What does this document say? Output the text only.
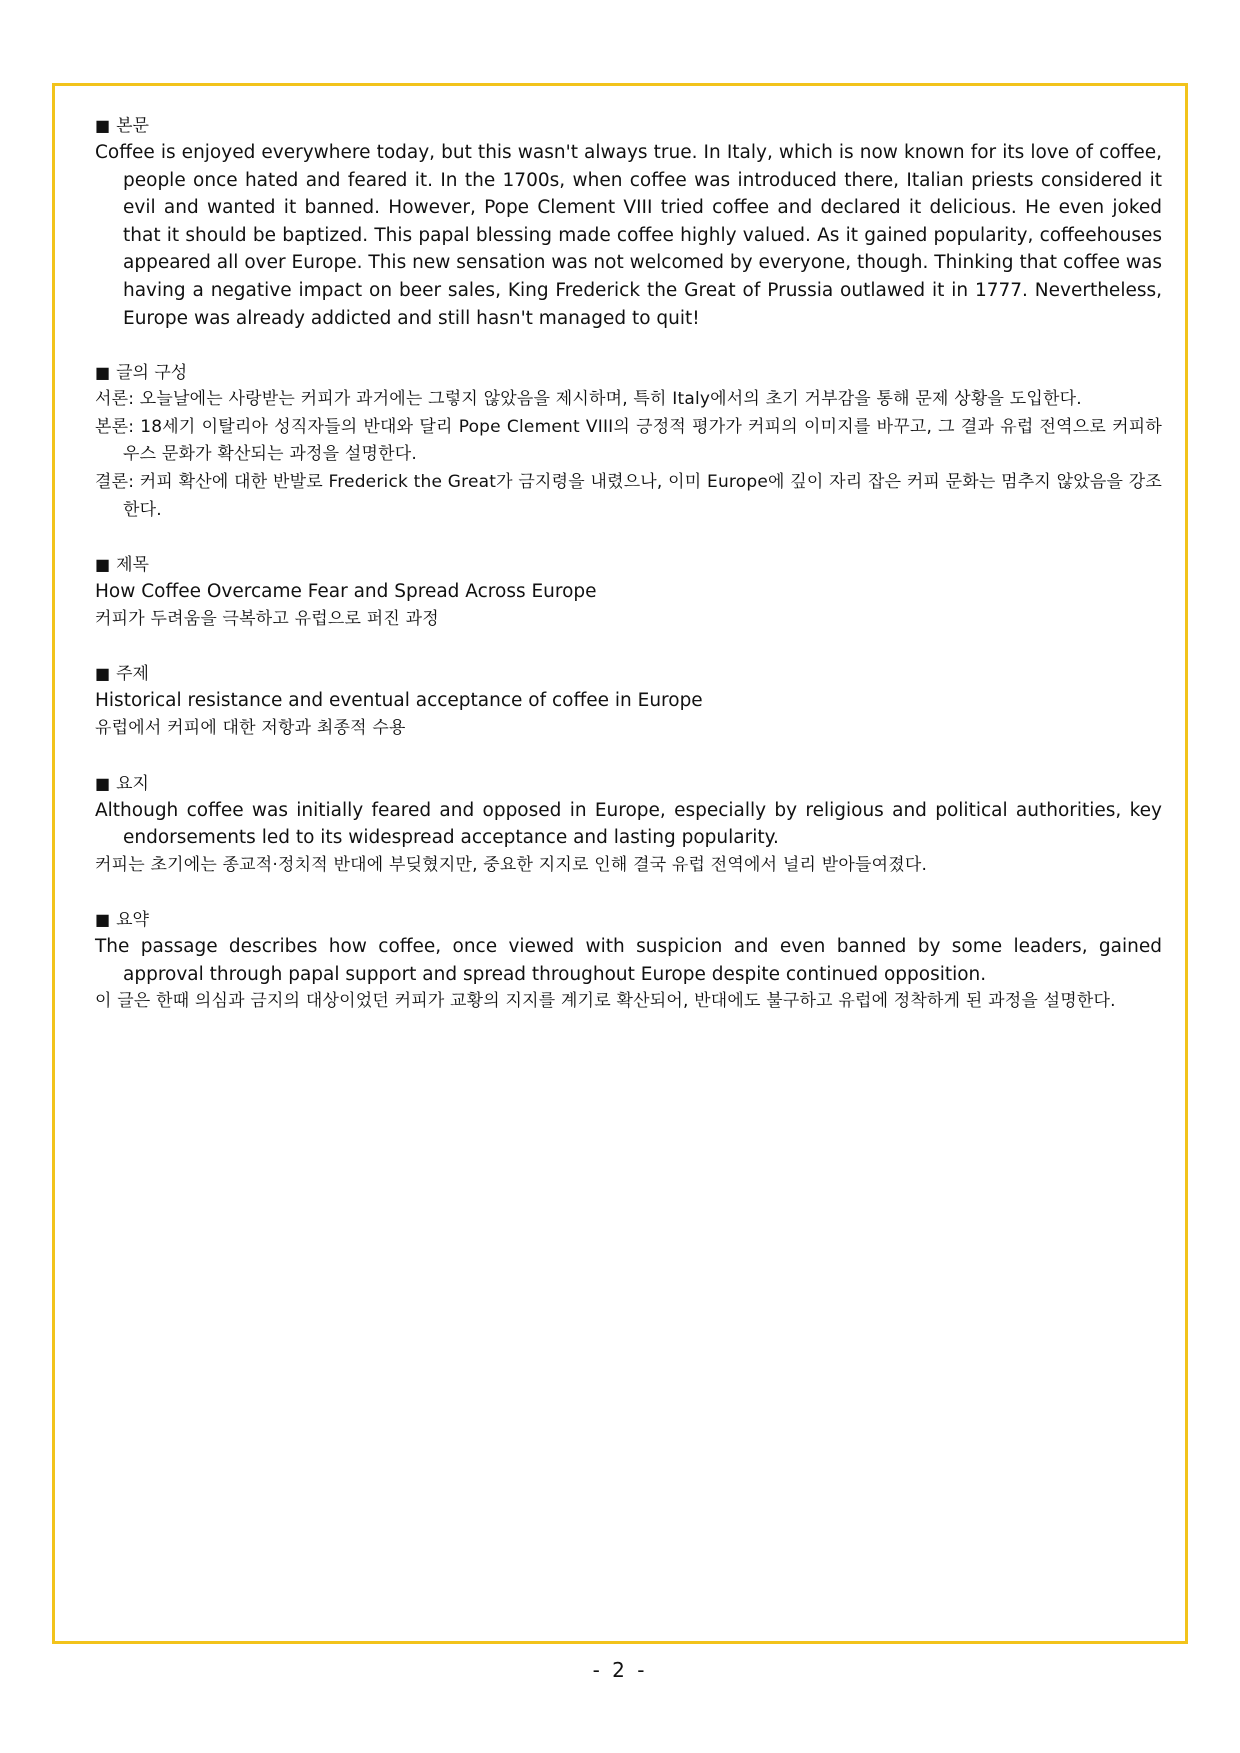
■ 본문

Coffee is enjoyed everywhere today, but this wasn't always true. In Italy, which is now known for its love of coffee, people once hated and feared it. In the 1700s, when coffee was introduced there, Italian priests considered it evil and wanted it banned. However, Pope Clement VIII tried coffee and declared it delicious. He even joked that it should be baptized. This papal blessing made coffee highly valued. As it gained popularity, coffeehouses appeared all over Europe. This new sensation was not welcomed by everyone, though. Thinking that coffee was having a negative impact on beer sales, King Frederick the Great of Prussia outlawed it in 1777. Nevertheless, Europe was already addicted and still hasn't managed to quit!

■ 글의 구성

서론: 오늘날에는 사랑받는 커피가 과거에는 그렇지 않았음을 제시하며, 특히 Italy에서의 초기 거부감을 통해 문제 상황을 도입한다.

본론: 18세기 이탈리아 성직자들의 반대와 달리 Pope Clement VIII의 긍정적 평가가 커피의 이미지를 바꾸고, 그 결과 유럽 전역으로 커피하우스 문화가 확산되는 과정을 설명한다.

결론: 커피 확산에 대한 반발로 Frederick the Great가 금지령을 내렸으나, 이미 Europe에 깊이 자리 잡은 커피 문화는 멈추지 않았음을 강조한다.

■ 제목

How Coffee Overcame Fear and Spread Across Europe

커피가 두려움을 극복하고 유럽으로 퍼진 과정

■ 주제

Historical resistance and eventual acceptance of coffee in Europe

유럽에서 커피에 대한 저항과 최종적 수용

■ 요지

Although coffee was initially feared and opposed in Europe, especially by religious and political authorities, key endorsements led to its widespread acceptance and lasting popularity.

커피는 초기에는 종교적·정치적 반대에 부딪혔지만, 중요한 지지로 인해 결국 유럽 전역에서 널리 받아들여졌다.

■ 요약

The passage describes how coffee, once viewed with suspicion and even banned by some leaders, gained approval through papal support and spread throughout Europe despite continued opposition.

이 글은 한때 의심과 금지의 대상이었던 커피가 교황의 지지를 계기로 확산되어, 반대에도 불구하고 유럽에 정착하게 된 과정을 설명한다.

- 2 -
